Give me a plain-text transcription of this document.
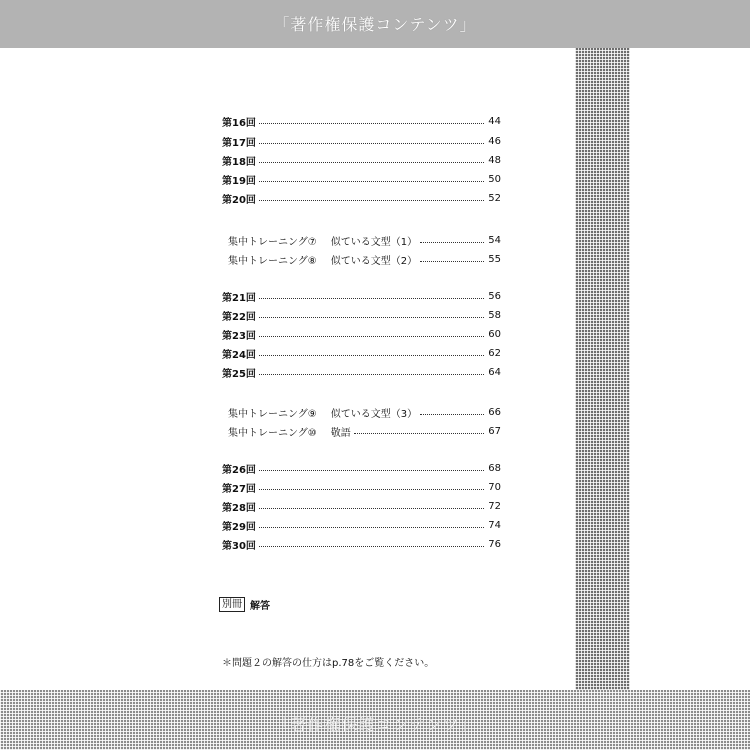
「著作権保護コンテンツ」
「著作権保護コンテンツ」
第16回	44
第17回	46
第18回	48
第19回	50
第20回	52
集中トレーニング⑦ 似ている文型（1）	54
集中トレーニング⑧ 似ている文型（2）	55
第21回	56
第22回	58
第23回	60
第24回	62
第25回	64
集中トレーニング⑨ 似ている文型（3）	66
集中トレーニング⑩ 敬語	67
第26回	68
第27回	70
第28回	72
第29回	74
第30回	76
別冊 解答
＊問題２の解答の仕方はp.78をご覧ください。
